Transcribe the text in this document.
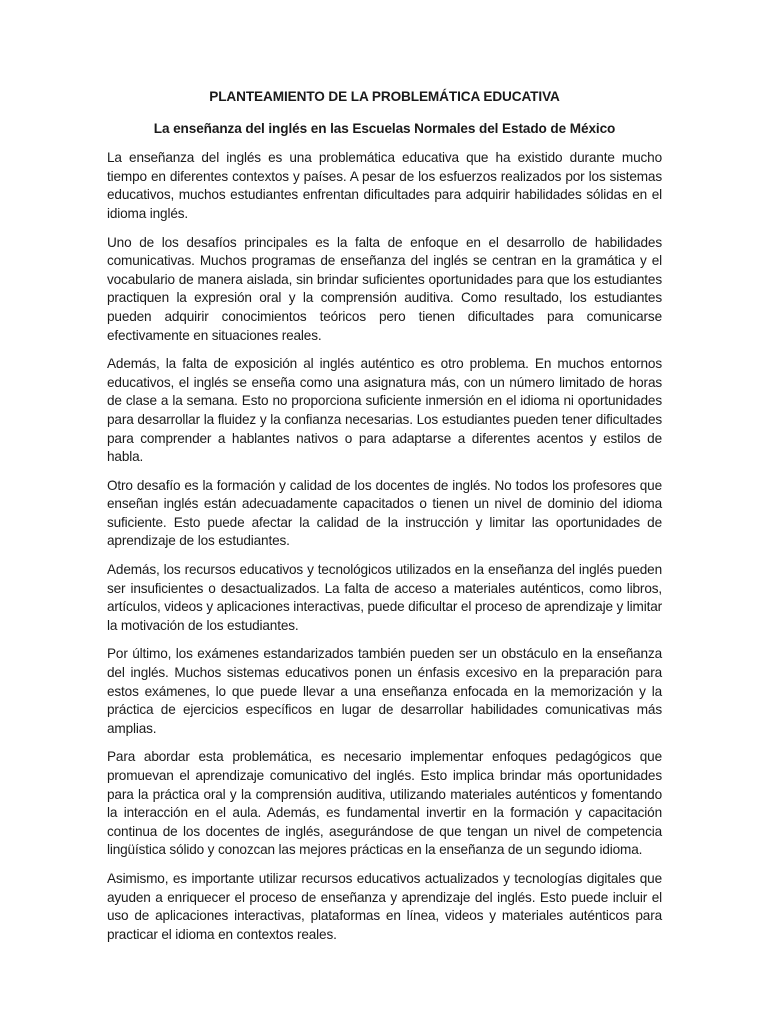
PLANTEAMIENTO DE LA PROBLEMÁTICA EDUCATIVA
La enseñanza del inglés en las Escuelas Normales del Estado de México

La enseñanza del inglés es una problemática educativa que ha existido durante mucho tiempo en diferentes contextos y países. A pesar de los esfuerzos realizados por los sistemas educativos, muchos estudiantes enfrentan dificultades para adquirir habilidades sólidas en el idioma inglés.

Uno de los desafíos principales es la falta de enfoque en el desarrollo de habilidades comunicativas. Muchos programas de enseñanza del inglés se centran en la gramática y el vocabulario de manera aislada, sin brindar suficientes oportunidades para que los estudiantes practiquen la expresión oral y la comprensión auditiva. Como resultado, los estudiantes pueden adquirir conocimientos teóricos pero tienen dificultades para comunicarse efectivamente en situaciones reales.

Además, la falta de exposición al inglés auténtico es otro problema. En muchos entornos educativos, el inglés se enseña como una asignatura más, con un número limitado de horas de clase a la semana. Esto no proporciona suficiente inmersión en el idioma ni oportunidades para desarrollar la fluidez y la confianza necesarias. Los estudiantes pueden tener dificultades para comprender a hablantes nativos o para adaptarse a diferentes acentos y estilos de habla.

Otro desafío es la formación y calidad de los docentes de inglés. No todos los profesores que enseñan inglés están adecuadamente capacitados o tienen un nivel de dominio del idioma suficiente. Esto puede afectar la calidad de la instrucción y limitar las oportunidades de aprendizaje de los estudiantes.

Además, los recursos educativos y tecnológicos utilizados en la enseñanza del inglés pueden ser insuficientes o desactualizados. La falta de acceso a materiales auténticos, como libros, artículos, videos y aplicaciones interactivas, puede dificultar el proceso de aprendizaje y limitar la motivación de los estudiantes.

Por último, los exámenes estandarizados también pueden ser un obstáculo en la enseñanza del inglés. Muchos sistemas educativos ponen un énfasis excesivo en la preparación para estos exámenes, lo que puede llevar a una enseñanza enfocada en la memorización y la práctica de ejercicios específicos en lugar de desarrollar habilidades comunicativas más amplias.

Para abordar esta problemática, es necesario implementar enfoques pedagógicos que promuevan el aprendizaje comunicativo del inglés. Esto implica brindar más oportunidades para la práctica oral y la comprensión auditiva, utilizando materiales auténticos y fomentando la interacción en el aula. Además, es fundamental invertir en la formación y capacitación continua de los docentes de inglés, asegurándose de que tengan un nivel de competencia lingüística sólido y conozcan las mejores prácticas en la enseñanza de un segundo idioma.

Asimismo, es importante utilizar recursos educativos actualizados y tecnologías digitales que ayuden a enriquecer el proceso de enseñanza y aprendizaje del inglés. Esto puede incluir el uso de aplicaciones interactivas, plataformas en línea, videos y materiales auténticos para practicar el idioma en contextos reales.
